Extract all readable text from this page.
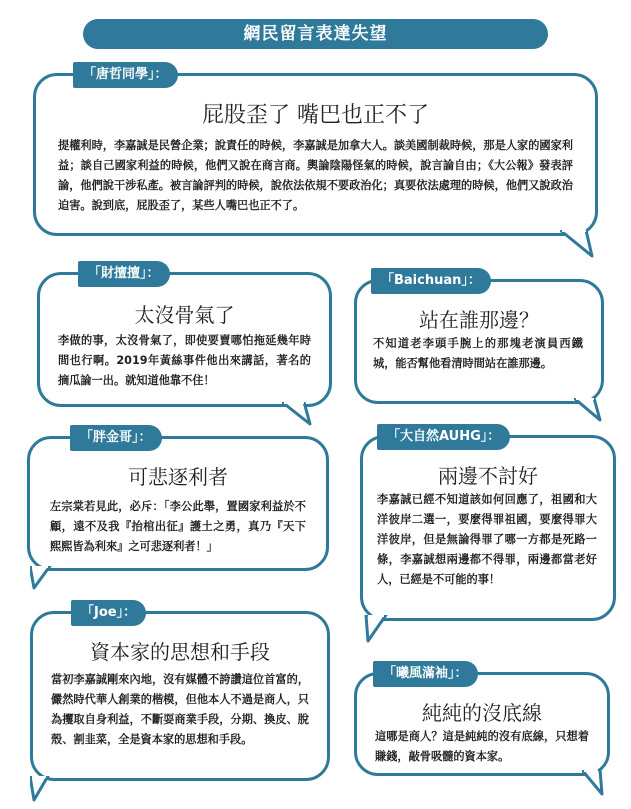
網民留言表達失望
「唐哲同學」：
屁股歪了 嘴巴也正不了
提權利時，李嘉誠是民營企業；說責任的時候，李嘉誠是加拿大人。談美國制裁時候，那是人家的國家利益；談自己國家利益的時候，他們又說在商言商。輿論陰陽怪氣的時候，說言論自由；《大公報》發表評論，他們說干涉私產。被言論評判的時候，說依法依規不要政治化；真要依法處理的時候，他們又說政治迫害。說到底，屁股歪了，某些人嘴巴也正不了。
「財擅擅」：
太沒骨氣了
李做的事，太沒骨氣了，即使要賣哪怕拖延幾年時間也行啊。2019年黃絲事件他出來講話，著名的摘瓜論一出。就知道他靠不住！
「Baichuan」：
站在誰那邊？
不知道老李頭手腕上的那塊老演員西鐵城，能否幫他看清時間站在誰那邊。
「胖金哥」：
可悲逐利者
左宗棠若見此，必斥：「李公此舉，置國家利益於不顧，遠不及我『抬棺出征』護土之勇，真乃『天下熙熙皆為利來』之可悲逐利者！」
「大自然AUHG」：
兩邊不討好
李嘉誠已經不知道該如何回應了，祖國和大洋彼岸二選一，要麼得罪祖國，要麼得罪大洋彼岸，但是無論得罪了哪一方都是死路一條，李嘉誠想兩邊都不得罪，兩邊都當老好人，已經是不可能的事！
「Joe」：
資本家的思想和手段
當初李嘉誠剛來內地，沒有媒體不誇讚這位首富的，儼然時代華人創業的楷模，但他本人不過是商人，只為攫取自身利益，不斷耍商業手段，分期、換皮、脫殼、割韭菜，全是資本家的思想和手段。
「曦風滿袖」：
純純的沒底線
這哪是商人？這是純純的沒有底線，只想着賺錢，敲骨吸髓的資本家。
